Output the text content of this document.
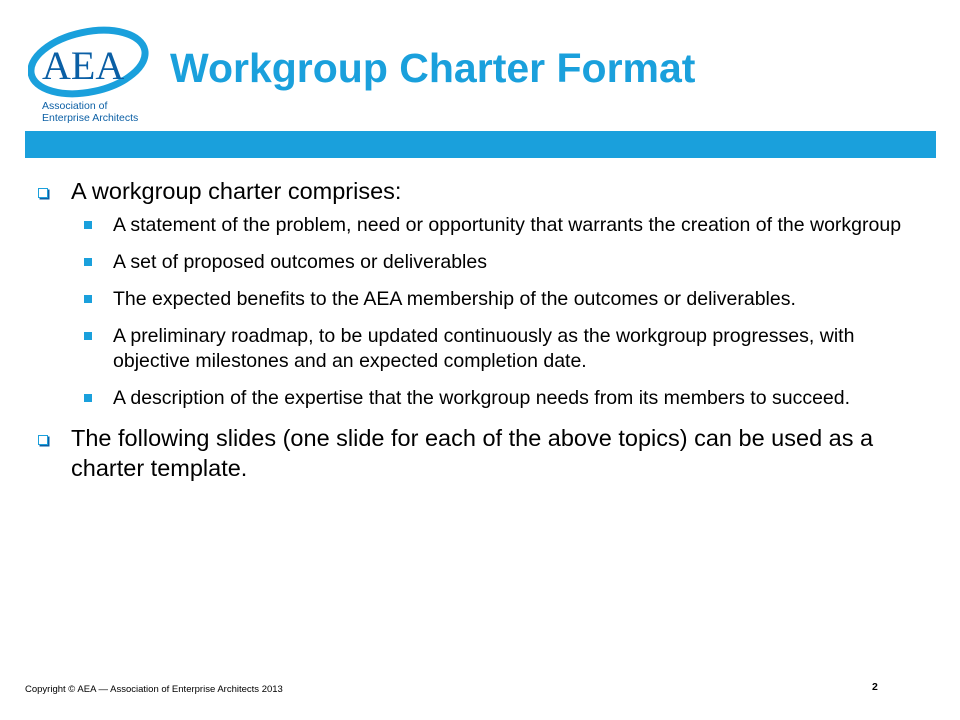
AEA
Association of
Enterprise Architects
Workgroup Charter Format
A workgroup charter comprises:
A statement of the problem, need or opportunity that warrants the creation of the workgroup
A set of proposed outcomes or deliverables
The expected benefits to the AEA membership of the outcomes or deliverables.
A preliminary roadmap, to be updated continuously as the workgroup progresses, with objective milestones and an expected completion date.
A description of the expertise that the workgroup needs from its members to succeed.
The following slides (one slide for each of the above topics) can be used as a charter template.
Copyright © AEA — Association of Enterprise Architects 2013	2
